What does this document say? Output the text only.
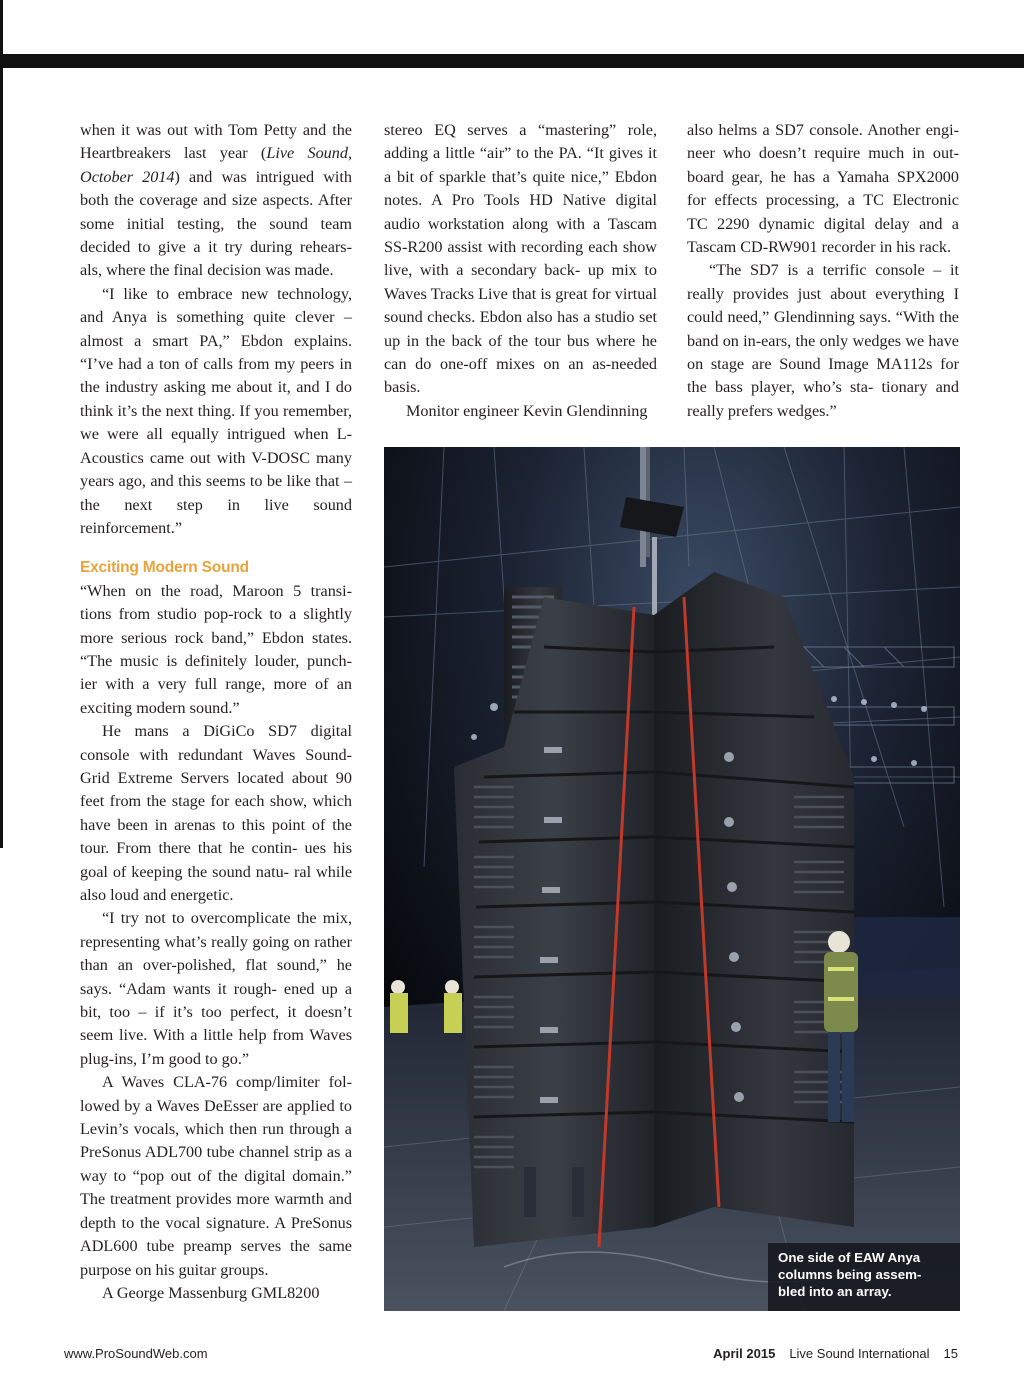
when it was out with Tom Petty and the Heartbreakers last year (Live Sound, October 2014) and was intrigued with both the coverage and size aspects. After some initial testing, the sound team decided to give a it try during rehears- als, where the final decision was made.

“I like to embrace new technology, and Anya is something quite clever – almost a smart PA,” Ebdon explains. “I’ve had a ton of calls from my peers in the industry asking me about it, and I do think it’s the next thing. If you remember, we were all equally intrigued when L-Acoustics came out with V-DOSC many years ago, and this seems to be like that – the next step in live sound reinforcement.”

Exciting Modern Sound

“When on the road, Maroon 5 transi- tions from studio pop-rock to a slightly more serious rock band,” Ebdon states. “The music is definitely louder, punch- ier with a very full range, more of an exciting modern sound.”

He mans a DiGiCo SD7 digital console with redundant Waves Sound- Grid Extreme Servers located about 90 feet from the stage for each show, which have been in arenas to this point of the tour. From there that he contin- ues his goal of keeping the sound natu- ral while also loud and energetic.

“I try not to overcomplicate the mix, representing what’s really going on rather than an over-polished, flat sound,” he says. “Adam wants it rough- ened up a bit, too – if it’s too perfect, it doesn’t seem live. With a little help from Waves plug-ins, I’m good to go.”

A Waves CLA-76 comp/limiter fol- lowed by a Waves DeEsser are applied to Levin’s vocals, which then run through a PreSonus ADL700 tube channel strip as a way to “pop out of the digital domain.” The treatment provides more warmth and depth to the vocal signature. A PreSonus ADL600 tube preamp serves the same purpose on his guitar groups.

A George Massenburg GML8200

stereo EQ serves a “mastering” role, adding a little “air” to the PA. “It gives it a bit of sparkle that’s quite nice,” Ebdon notes. A Pro Tools HD Native digital audio workstation along with a Tascam SS-R200 assist with recording each show live, with a secondary back- up mix to Waves Tracks Live that is great for virtual sound checks. Ebdon also has a studio set up in the back of the tour bus where he can do one-off mixes on an as-needed basis.

Monitor engineer Kevin Glendinning

also helms a SD7 console. Another engi- neer who doesn’t require much in out- board gear, he has a Yamaha SPX2000 for effects processing, a TC Electronic TC 2290 dynamic digital delay and a Tascam CD-RW901 recorder in his rack.

“The SD7 is a terrific console – it really provides just about everything I could need,” Glendinning says. “With the band on in-ears, the only wedges we have on stage are Sound Image MA112s for the bass player, who’s sta- tionary and really prefers wedges.”

One side of EAW Anya columns being assem- bled into an array.
www.ProSoundWeb.com	April 2015 Live Sound International 15
